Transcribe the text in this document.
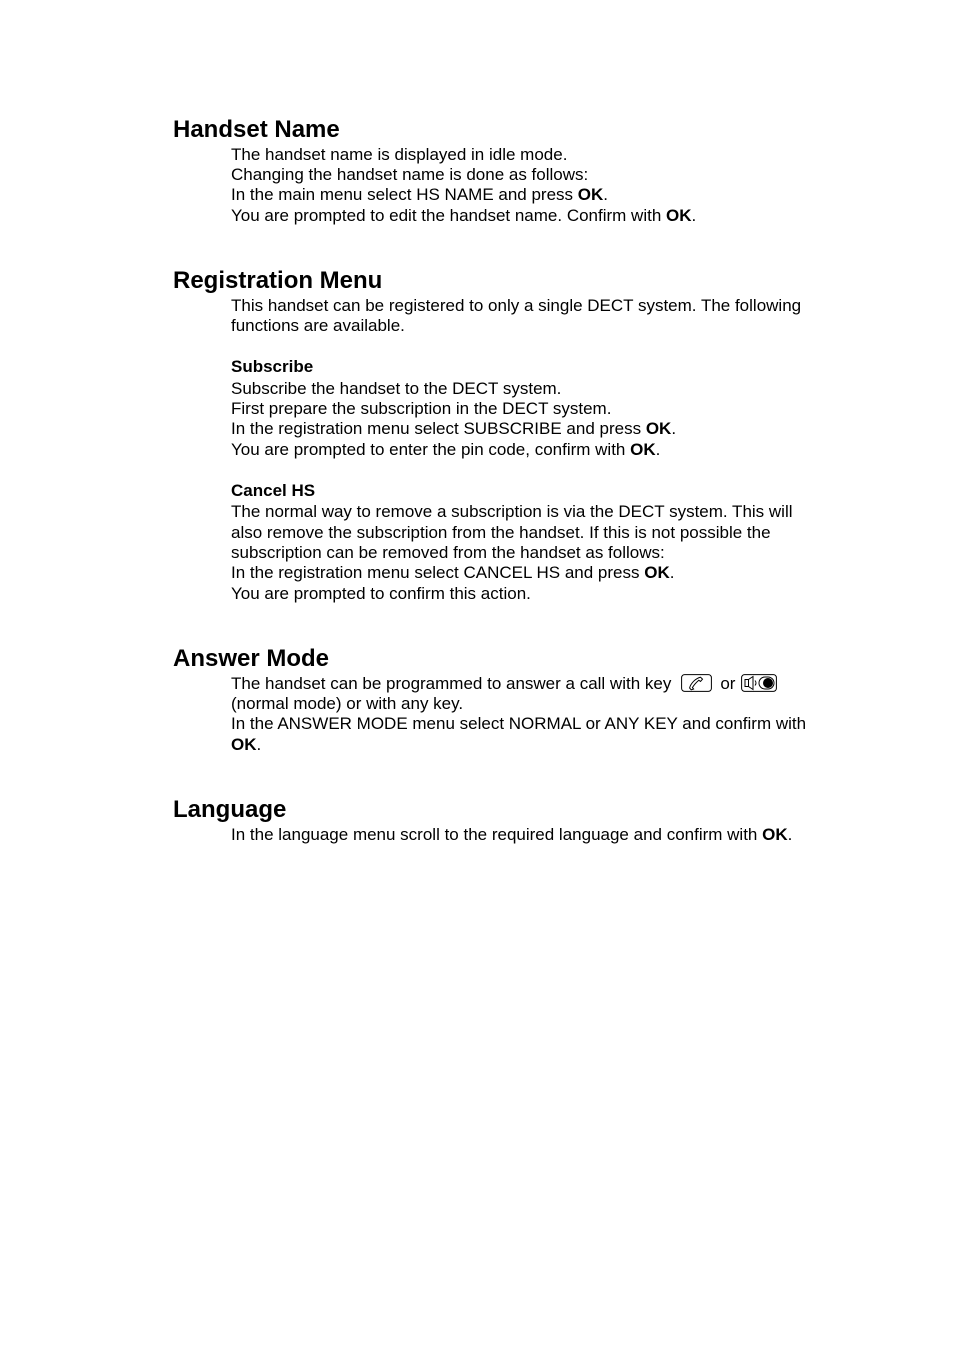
Handset Name

The handset name is displayed in idle mode.

Changing the handset name is done as follows:

In the main menu select HS NAME and press OK.

You are prompted to edit the handset name. Confirm with OK.

Registration Menu

This handset can be registered to only a single DECT system. The following

functions are available.

Subscribe

Subscribe the handset to the DECT system.

First prepare the subscription in the DECT system.

In the registration menu select SUBSCRIBE and press OK.

You are prompted to enter the pin code, confirm with OK.

Cancel HS

The normal way to remove a subscription is via the DECT system. This will

also remove the subscription from the handset. If this is not possible the

subscription can be removed from the handset as follows:

In the registration menu select CANCEL HS and press OK.

You are prompted to confirm this action.

Answer Mode

The handset can be programmed to answer a call with key	or

(normal mode) or with any key.

In the ANSWER MODE menu select NORMAL or ANY KEY and confirm with

OK.

Language

In the language menu scroll to the required language and confirm with OK.
